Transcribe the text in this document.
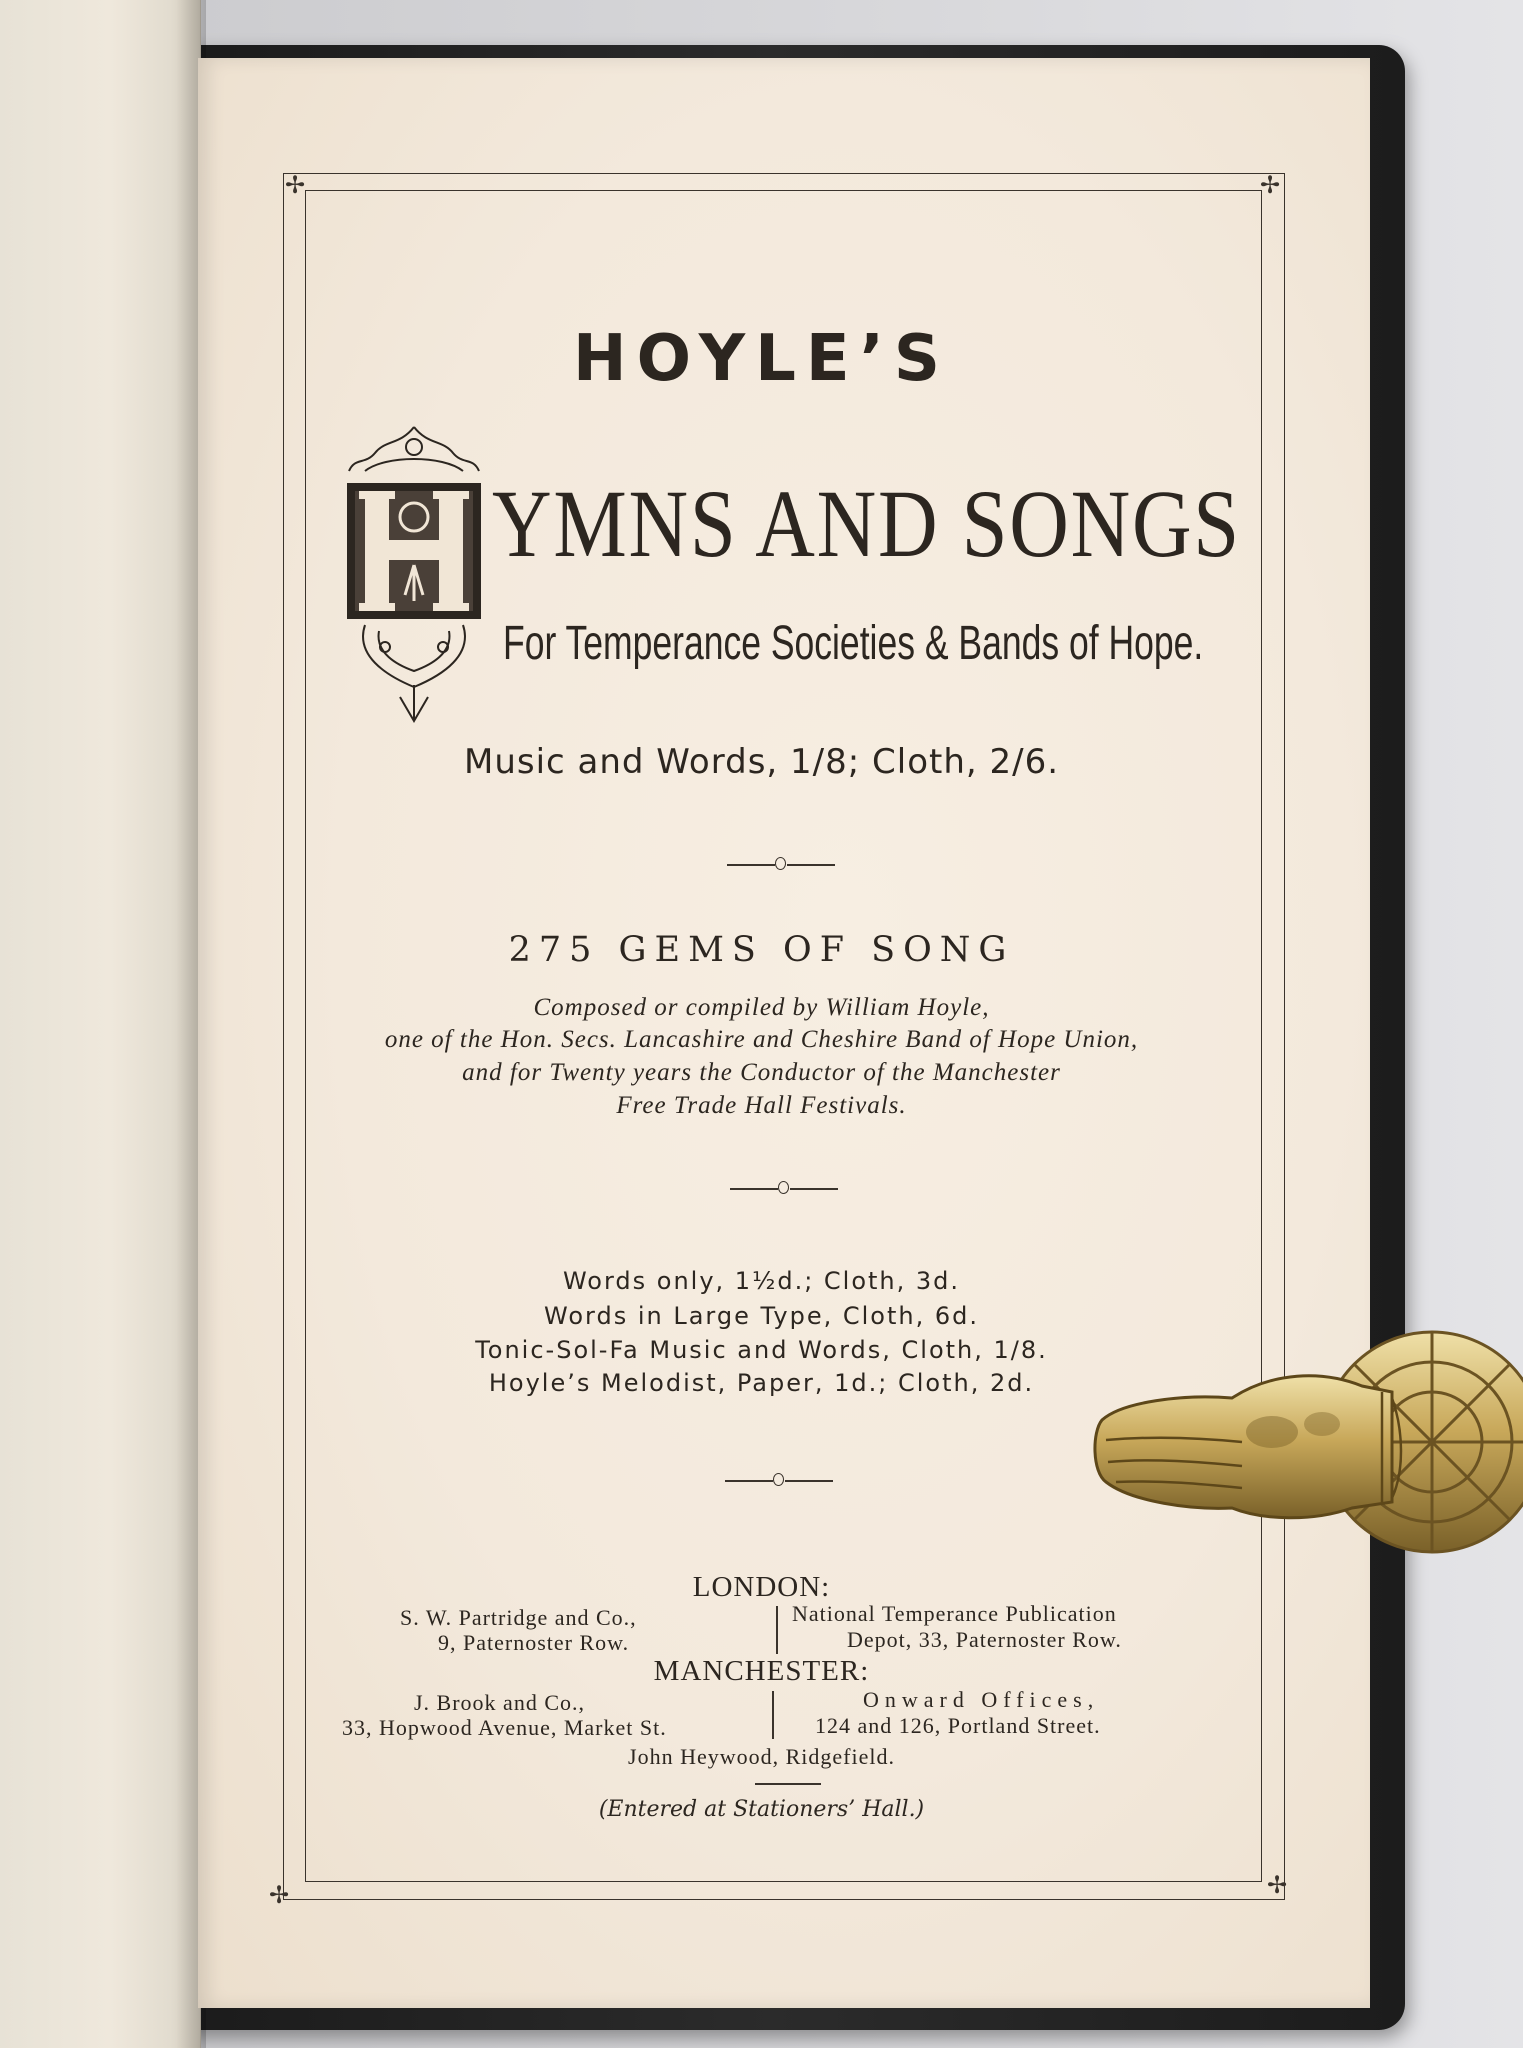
✢	✢
✢	✢
HOYLE’S
YMNS AND SONGS
For Temperance Societies & Bands of Hope.
Music and Words, 1/8; Cloth, 2/6.
275 GEMS OF SONG
Composed or compiled by William Hoyle,
one of the Hon. Secs. Lancashire and Cheshire Band of Hope Union,
and for Twenty years the Conductor of the Manchester
Free Trade Hall Festivals.
Words only, 1½d.; Cloth, 3d.
Words in Large Type, Cloth, 6d.
Tonic-Sol-Fa Music and Words, Cloth, 1/8.
Hoyle’s Melodist, Paper, 1d.; Cloth, 2d.
LONDON:
S. W. Partridge and Co.,
9, Paternoster Row.
National Temperance Publication
Depot, 33, Paternoster Row.
MANCHESTER:
J. Brook and Co.,
33, Hopwood Avenue, Market St.
Onward Offices,
124 and 126, Portland Street.
John Heywood, Ridgefield.
(Entered at Stationers’ Hall.)
